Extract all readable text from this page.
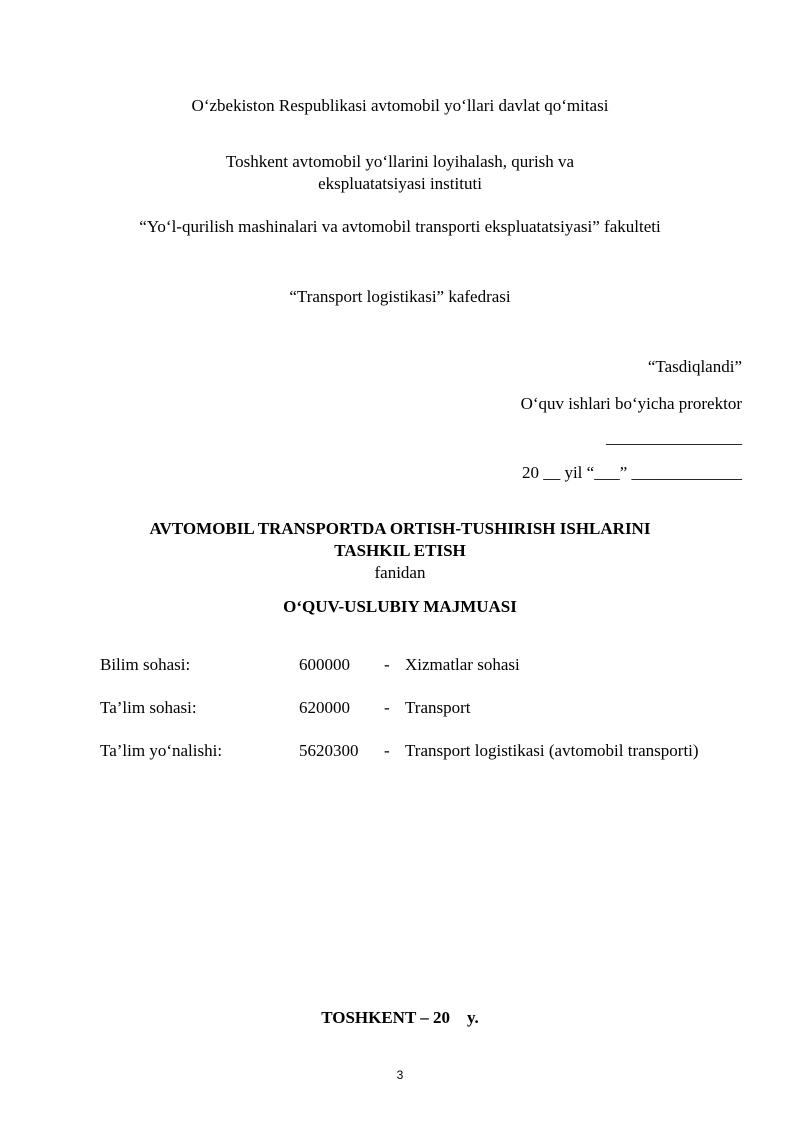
O‘zbekiston Respublikasi avtomobil yo‘llari davlat qo‘mitasi
Toshkent avtomobil yo‘llarini loyihalash, qurish va
ekspluatatsiyasi instituti
“Yo‘l-qurilish mashinalari va avtomobil transporti ekspluatatsiyasi” fakulteti
“Transport logistikasi” kafedrasi
“Tasdiqlandi”
O‘quv ishlari bo‘yicha prorektor
________________
20 __ yil “___” _____________
AVTOMOBIL TRANSPORTDA ORTISH-TUSHIRISH ISHLARINI
TASHKIL ETISH
fanidan
O‘QUV-USLUBIY MAJMUASI
Bilim sohasi:	600000 - Xizmatlar sohasi
Ta’lim sohasi:	620000 - Transport
Ta’lim yo‘nalishi:	5620300 - Transport logistikasi (avtomobil transporti)
TOSHKENT – 20    y.
3
